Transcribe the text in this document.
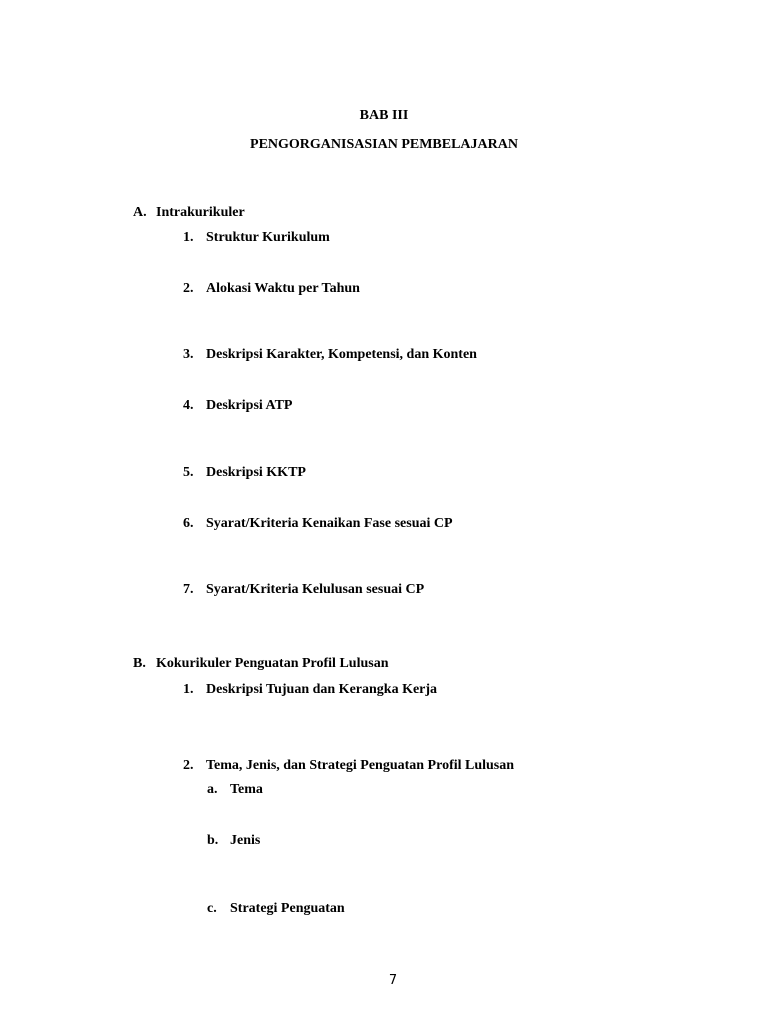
BAB III
PENGORGANISASIAN PEMBELAJARAN
A. Intrakurikuler
1. Struktur Kurikulum
2. Alokasi Waktu per Tahun
3. Deskripsi Karakter, Kompetensi, dan Konten
4. Deskripsi ATP
5. Deskripsi KKTP
6. Syarat/Kriteria Kenaikan Fase sesuai CP
7. Syarat/Kriteria Kelulusan sesuai CP
B. Kokurikuler Penguatan Profil Lulusan
1. Deskripsi Tujuan dan Kerangka Kerja
2. Tema, Jenis, dan Strategi Penguatan Profil Lulusan
a. Tema
b. Jenis
c. Strategi Penguatan
7
